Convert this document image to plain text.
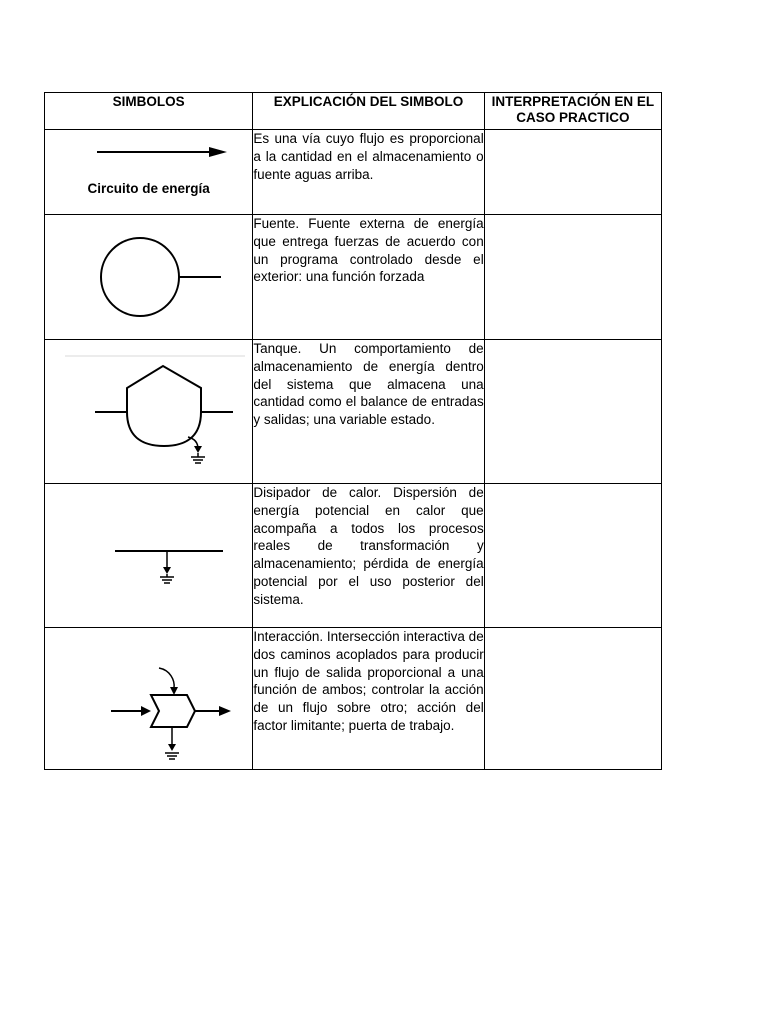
SIMBOLOS	EXPLICACIÓN DEL SIMBOLO	INTERPRETACIÓN EN EL CASO PRACTICO

Circuito de energía	Es una vía cuyo flujo es proporcional a la cantidad en el almacenamiento o fuente aguas arriba.	

	Fuente. Fuente externa de energía que entrega fuerzas de acuerdo con un programa controlado desde el exterior: una función forzada	

	Tanque. Un comportamiento de almacenamiento de energía dentro del sistema que almacena una cantidad como el balance de entradas y salidas; una variable estado.	

	Disipador de calor. Dispersión de energía potencial en calor que acompaña a todos los procesos reales de transformación y almacenamiento; pérdida de energía potencial por el uso posterior del sistema.	

	Interacción. Intersección interactiva de dos caminos acoplados para producir un flujo de salida proporcional a una función de ambos; controlar la acción de un flujo sobre otro; acción del factor limitante; puerta de trabajo.	
